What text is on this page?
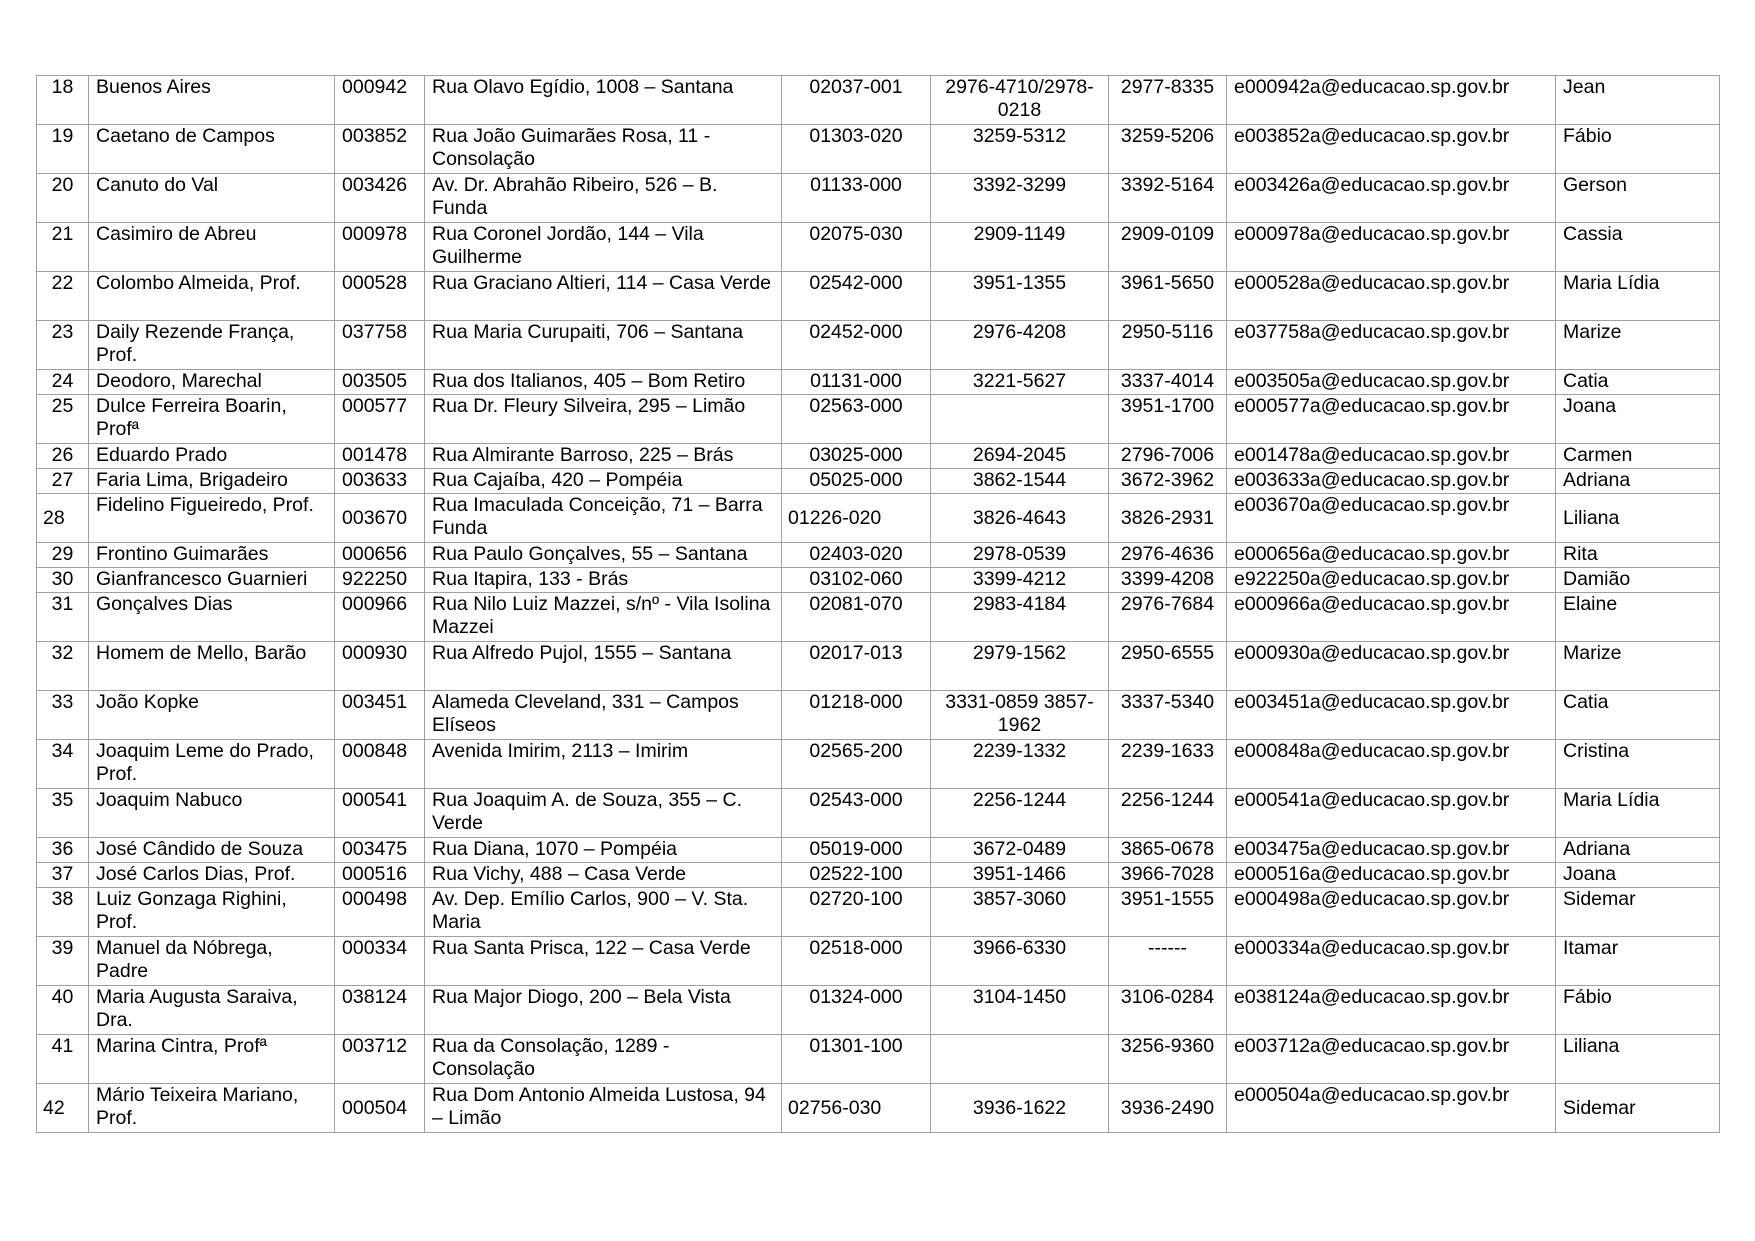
18	Buenos Aires	000942	Rua Olavo Egídio, 1008 – Santana	02037-001	2976-4710/2978-0218	2977-8335	e000942a@educacao.sp.gov.br	Jean
19	Caetano de Campos	003852	Rua João Guimarães Rosa, 11 - Consolação	01303-020	3259-5312	3259-5206	e003852a@educacao.sp.gov.br	Fábio
20	Canuto do Val	003426	Av. Dr. Abrahão Ribeiro, 526 – B. Funda	01133-000	3392-3299	3392-5164	e003426a@educacao.sp.gov.br	Gerson
21	Casimiro de Abreu	000978	Rua Coronel Jordão, 144 – Vila Guilherme	02075-030	2909-1149	2909-0109	e000978a@educacao.sp.gov.br	Cassia
22	Colombo Almeida, Prof.	000528	Rua Graciano Altieri, 114 – Casa Verde	02542-000	3951-1355	3961-5650	e000528a@educacao.sp.gov.br	Maria Lídia
23	Daily Rezende França, Prof.	037758	Rua Maria Curupaiti, 706 – Santana	02452-000	2976-4208	2950-5116	e037758a@educacao.sp.gov.br	Marize
24	Deodoro, Marechal	003505	Rua dos Italianos, 405 – Bom Retiro	01131-000	3221-5627	3337-4014	e003505a@educacao.sp.gov.br	Catia
25	Dulce Ferreira Boarin, Profª	000577	Rua Dr. Fleury Silveira, 295 – Limão	02563-000		3951-1700	e000577a@educacao.sp.gov.br	Joana
26	Eduardo Prado	001478	Rua Almirante Barroso, 225 – Brás	03025-000	2694-2045	2796-7006	e001478a@educacao.sp.gov.br	Carmen
27	Faria Lima, Brigadeiro	003633	Rua Cajaíba, 420 – Pompéia	05025-000	3862-1544	3672-3962	e003633a@educacao.sp.gov.br	Adriana
28	Fidelino Figueiredo, Prof.	003670	Rua Imaculada Conceição, 71 – Barra Funda	01226-020	3826-4643	3826-2931	e003670a@educacao.sp.gov.br	Liliana
29	Frontino Guimarães	000656	Rua Paulo Gonçalves, 55 – Santana	02403-020	2978-0539	2976-4636	e000656a@educacao.sp.gov.br	Rita
30	Gianfrancesco Guarnieri	922250	Rua Itapira, 133 - Brás	03102-060	3399-4212	3399-4208	e922250a@educacao.sp.gov.br	Damião
31	Gonçalves Dias	000966	Rua Nilo Luiz Mazzei, s/nº - Vila Isolina Mazzei	02081-070	2983-4184	2976-7684	e000966a@educacao.sp.gov.br	Elaine
32	Homem de Mello, Barão	000930	Rua Alfredo Pujol, 1555 – Santana	02017-013	2979-1562	2950-6555	e000930a@educacao.sp.gov.br	Marize
33	João Kopke	003451	Alameda Cleveland, 331 – Campos Elíseos	01218-000	3331-0859 3857-1962	3337-5340	e003451a@educacao.sp.gov.br	Catia
34	Joaquim Leme do Prado, Prof.	000848	Avenida Imirim, 2113 – Imirim	02565-200	2239-1332	2239-1633	e000848a@educacao.sp.gov.br	Cristina
35	Joaquim Nabuco	000541	Rua Joaquim A. de Souza, 355 – C. Verde	02543-000	2256-1244	2256-1244	e000541a@educacao.sp.gov.br	Maria Lídia
36	José Cândido de Souza	003475	Rua Diana, 1070 – Pompéia	05019-000	3672-0489	3865-0678	e003475a@educacao.sp.gov.br	Adriana
37	José Carlos Dias, Prof.	000516	Rua Vichy, 488 – Casa Verde	02522-100	3951-1466	3966-7028	e000516a@educacao.sp.gov.br	Joana
38	Luiz Gonzaga Righini, Prof.	000498	Av. Dep. Emílio Carlos, 900 – V. Sta. Maria	02720-100	3857-3060	3951-1555	e000498a@educacao.sp.gov.br	Sidemar
39	Manuel da Nóbrega, Padre	000334	Rua Santa Prisca, 122 – Casa Verde	02518-000	3966-6330	------	e000334a@educacao.sp.gov.br	Itamar
40	Maria Augusta Saraiva, Dra.	038124	Rua Major Diogo, 200 – Bela Vista	01324-000	3104-1450	3106-0284	e038124a@educacao.sp.gov.br	Fábio
41	Marina Cintra, Profª	003712	Rua da Consolação, 1289 - Consolação	01301-100		3256-9360	e003712a@educacao.sp.gov.br	Liliana
42	Mário Teixeira Mariano, Prof.	000504	Rua Dom Antonio Almeida Lustosa, 94 – Limão	02756-030	3936-1622	3936-2490	e000504a@educacao.sp.gov.br	Sidemar
